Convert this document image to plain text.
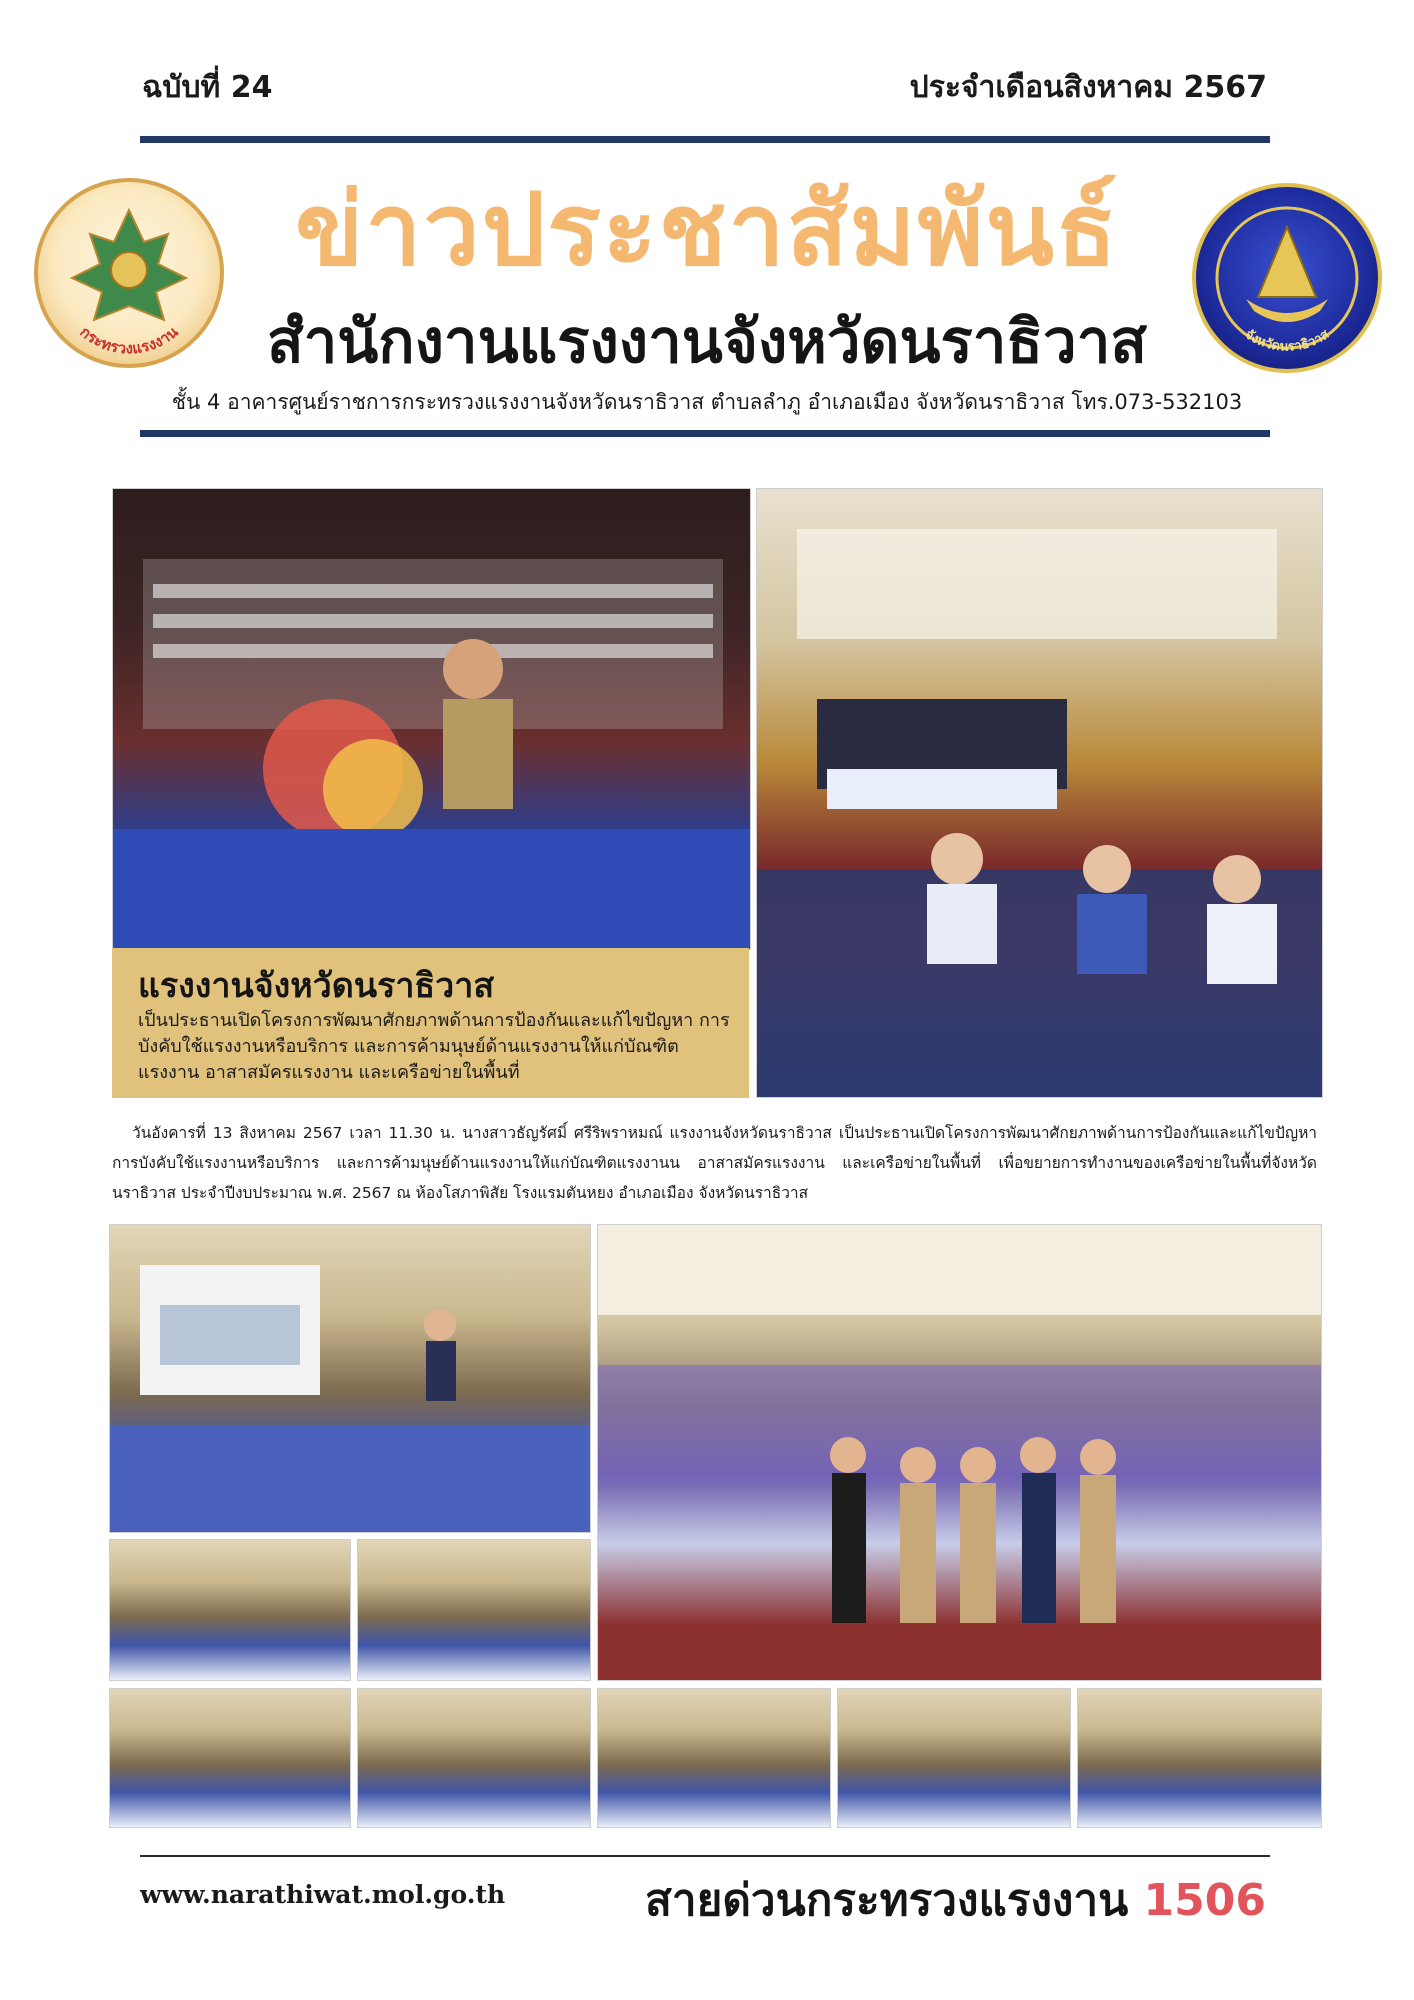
ฉบับที่ 24	ประจำเดือนสิงหาคม 2567
กระทรวงแรงงาน	จังหวัดนราธิวาส
ข่าวประชาสัมพันธ์
สำนักงานแรงงานจังหวัดนราธิวาส
ชั้น 4 อาคารศูนย์ราชการกระทรวงแรงงานจังหวัดนราธิวาส ตำบลลำภู อำเภอเมือง จังหวัดนราธิวาส โทร.073-532103
แรงงานจังหวัดนราธิวาส
เป็นประธานเปิดโครงการพัฒนาศักยภาพด้านการป้องกันและแก้ไขปัญหา การบังคับใช้แรงงานหรือบริการ และการค้ามนุษย์ด้านแรงงานให้แก่บัณฑิตแรงงาน อาสาสมัครแรงงาน และเครือข่ายในพื้นที่
วันอังคารที่ 13 สิงหาคม 2567 เวลา 11.30 น. นางสาวธัญรัศมิ์ ศรีริพราหมณ์ แรงงานจังหวัดนราธิวาส เป็นประธานเปิดโครงการพัฒนาศักยภาพด้านการป้องกันและแก้ไขปัญหาการบังคับใช้แรงงานหรือบริการ และการค้ามนุษย์ด้านแรงงานให้แก่บัณฑิตแรงงานน อาสาสมัครแรงงาน และเครือข่ายในพื้นที่ เพื่อขยายการทำงานของเครือข่ายในพื้นที่จังหวัดนราธิวาส ประจำปีงบประมาณ พ.ศ. 2567 ณ ห้องโสภาพิสัย โรงแรมตันหยง อำเภอเมือง จังหวัดนราธิวาส
www.narathiwat.mol.go.th	สายด่วนกระทรวงแรงงาน 1506
